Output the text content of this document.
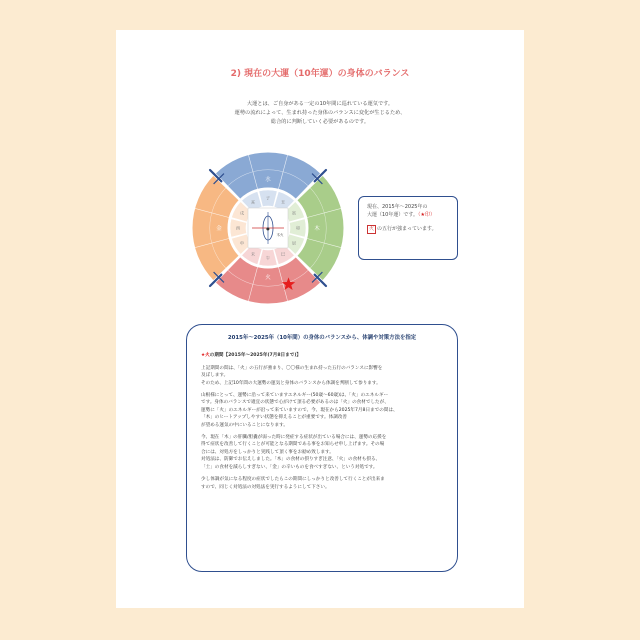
2) 現在の大運（10年運）の身体のバランス
大運とは、ご自身がある一定の10年間に巡れている運気です。
運勢の流れによって、生まれ持った身体のバランスに変化が生じるため、
総合的に判断していく必要があるのです。
水
木
火
金
子
丑
寅
卯
辰
巳
午
未
申
酉
戌
亥
●
木火
現在、2015年～2025年の
大運（10年運）です。（★印）
火 の五行が強まっています。
2015年～2025年（10年間）の身体のバランスから、体調や対策方法を指定
★火の期間【2015年～2025年(7月8日まで)】
上記期間の間は、「火」の五行が強まり、〇〇様の生まれ持った五行のバランスに影響を
及ぼします。
そのため、上記10年間の大運勢の運気と身体のバランスから体調を判断して参ります。
山根様にとって、運勢に沿って来ていますエネルギー(50歳～60歳)は、「火」のエネルギー
です。身体のバランスで適宜の状態で心がけて頂る必要があるのは「火」の食材でしたが、
運勢に「火」のエネルギーが沿って来ていますので、今、現在から2025年7月8日までの間は、
「木」のヒートアップしやすい状態を抑えることが重要です。体調改善
が望める運気の中にいることになります。
今、現在「木」の肝臓/胆嚢が弱った時に発症する症状が出ている場合には、運勢の応援を
得て症状を改善して行くことが可能となる期間である事をお知らせ申し上げます。その場
合には、対処方をしっかりと実践して頂く事をお勧め致します。
対処法は、防御でお伝えしました。「木」の食材の摂りすぎ注意、「火」の食材も摂る、
「土」の食材を減らしすぎない、「金」の辛いものを食べすぎない、という対処です。
少し体調が気になる程度の症状でしたらこの期間にしっかりと改善して行くことが出来ま
すので、同じく対処法の対処法を実行するようにして下さい。
